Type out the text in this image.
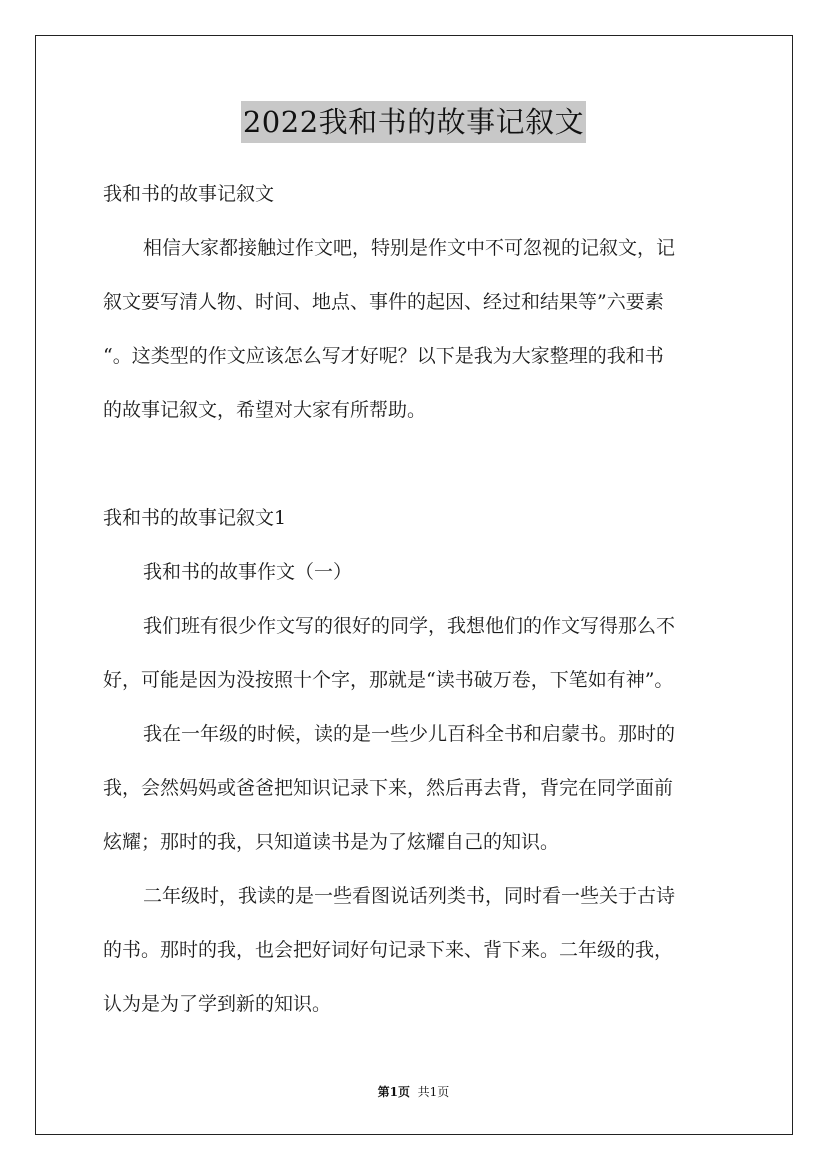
2022我和书的故事记叙文
我和书的故事记叙文
相信大家都接触过作文吧，特别是作文中不可忽视的记叙文，记
叙文要写清人物、时间、地点、事件的起因、经过和结果等”六要素
“。这类型的作文应该怎么写才好呢？以下是我为大家整理的我和书
的故事记叙文，希望对大家有所帮助。
我和书的故事记叙文1
我和书的故事作文（一）
我们班有很少作文写的很好的同学，我想他们的作文写得那么不
好，可能是因为没按照十个字，那就是“读书破万卷，下笔如有神”。
我在一年级的时候，读的是一些少儿百科全书和启蒙书。那时的
我，会然妈妈或爸爸把知识记录下来，然后再去背，背完在同学面前
炫耀；那时的我，只知道读书是为了炫耀自己的知识。
二年级时，我读的是一些看图说话列类书，同时看一些关于古诗
的书。那时的我，也会把好词好句记录下来、背下来。二年级的我，
认为是为了学到新的知识。
第1页 共1页
